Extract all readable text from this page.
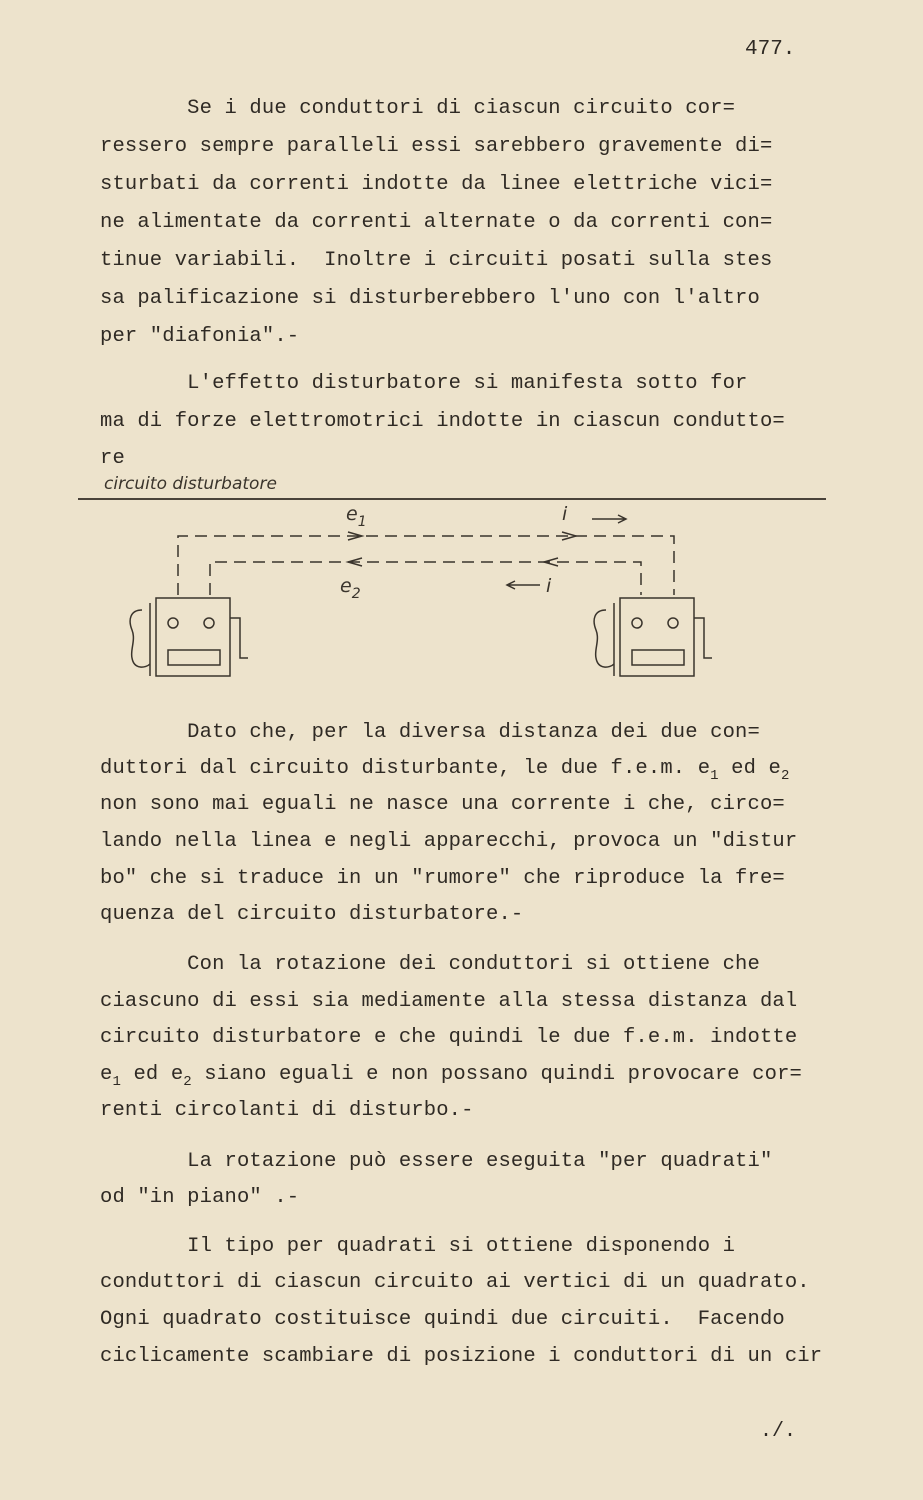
477.
Se i due conduttori di ciascun circuito cor=
ressero sempre paralleli essi sarebbero gravemente di=
sturbati da correnti indotte da linee elettriche vici=
ne alimentate da correnti alternate o da correnti con=
tinue variabili.  Inoltre i circuiti posati sulla stes
sa palificazione si disturberebbero l'uno con l'altro
per "diafonia".-
L'effetto disturbatore si manifesta sotto for
ma di forze elettromotrici indotte in ciascun condutto=
re
circuito disturbatore
$e_1$	i
$e_2$	i
Dato che, per la diversa distanza dei due con=
duttori dal circuito disturbante, le due f.e.m. $e_1$ ed $e_2$
non sono mai eguali ne nasce una corrente i che, circo=
lando nella linea e negli apparecchi, provoca un "distur
bo" che si traduce in un "rumore" che riproduce la fre=
quenza del circuito disturbatore.-
Con la rotazione dei conduttori si ottiene che
ciascuno di essi sia mediamente alla stessa distanza dal
circuito disturbatore e che quindi le due f.e.m. indotte
$e_1$ ed $e_2$ siano eguali e non possano quindi provocare cor=
renti circolanti di disturbo.-
La rotazione può essere eseguita "per quadrati"
od "in piano" .-
Il tipo per quadrati si ottiene disponendo i
conduttori di ciascun circuito ai vertici di un quadrato.
Ogni quadrato costituisce quindi due circuiti.  Facendo
ciclicamente scambiare di posizione i conduttori di un cir
./.
